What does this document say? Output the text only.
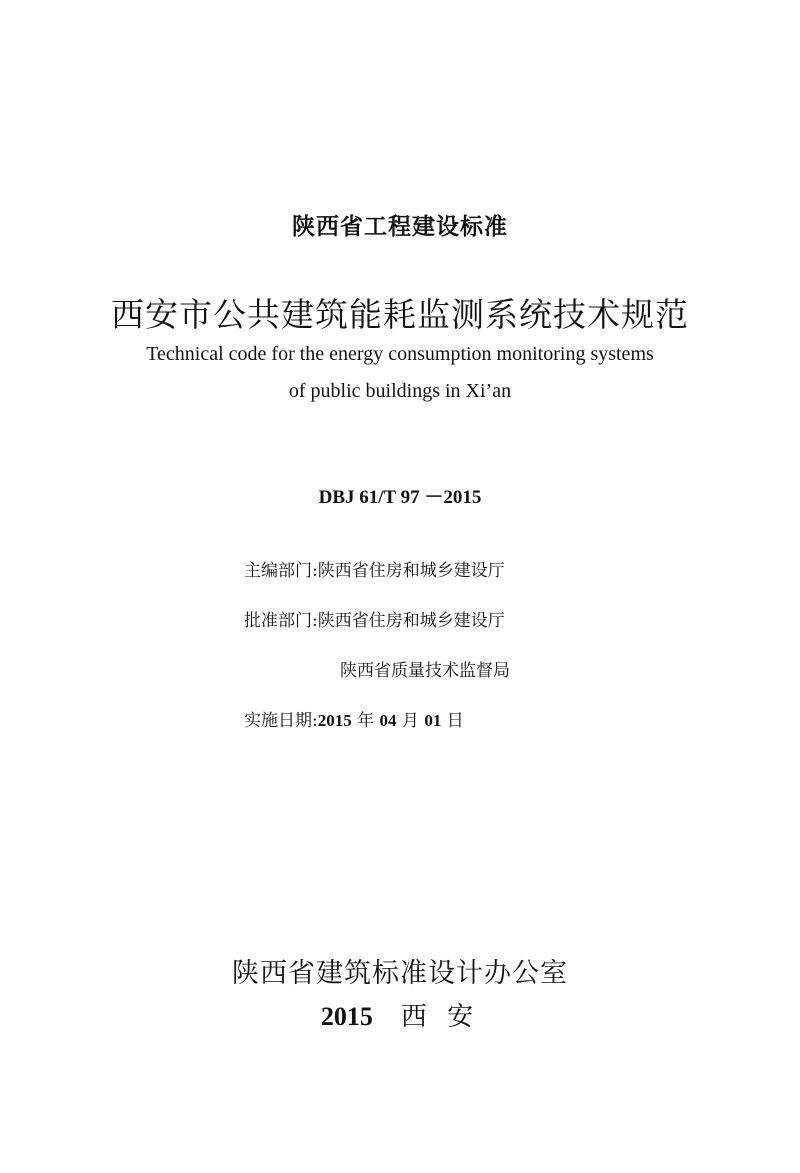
陕西省工程建设标准
西安市公共建筑能耗监测系统技术规范
Technical code for the energy consumption monitoring systems
of public buildings in Xi’an
DBJ 61/T 97 －2015
主编部门:陕西省住房和城乡建设厅
批准部门:陕西省住房和城乡建设厅
陕西省质量技术监督局
实施日期:2015 年 04 月 01 日
陕西省建筑标准设计办公室
2015 西 安
